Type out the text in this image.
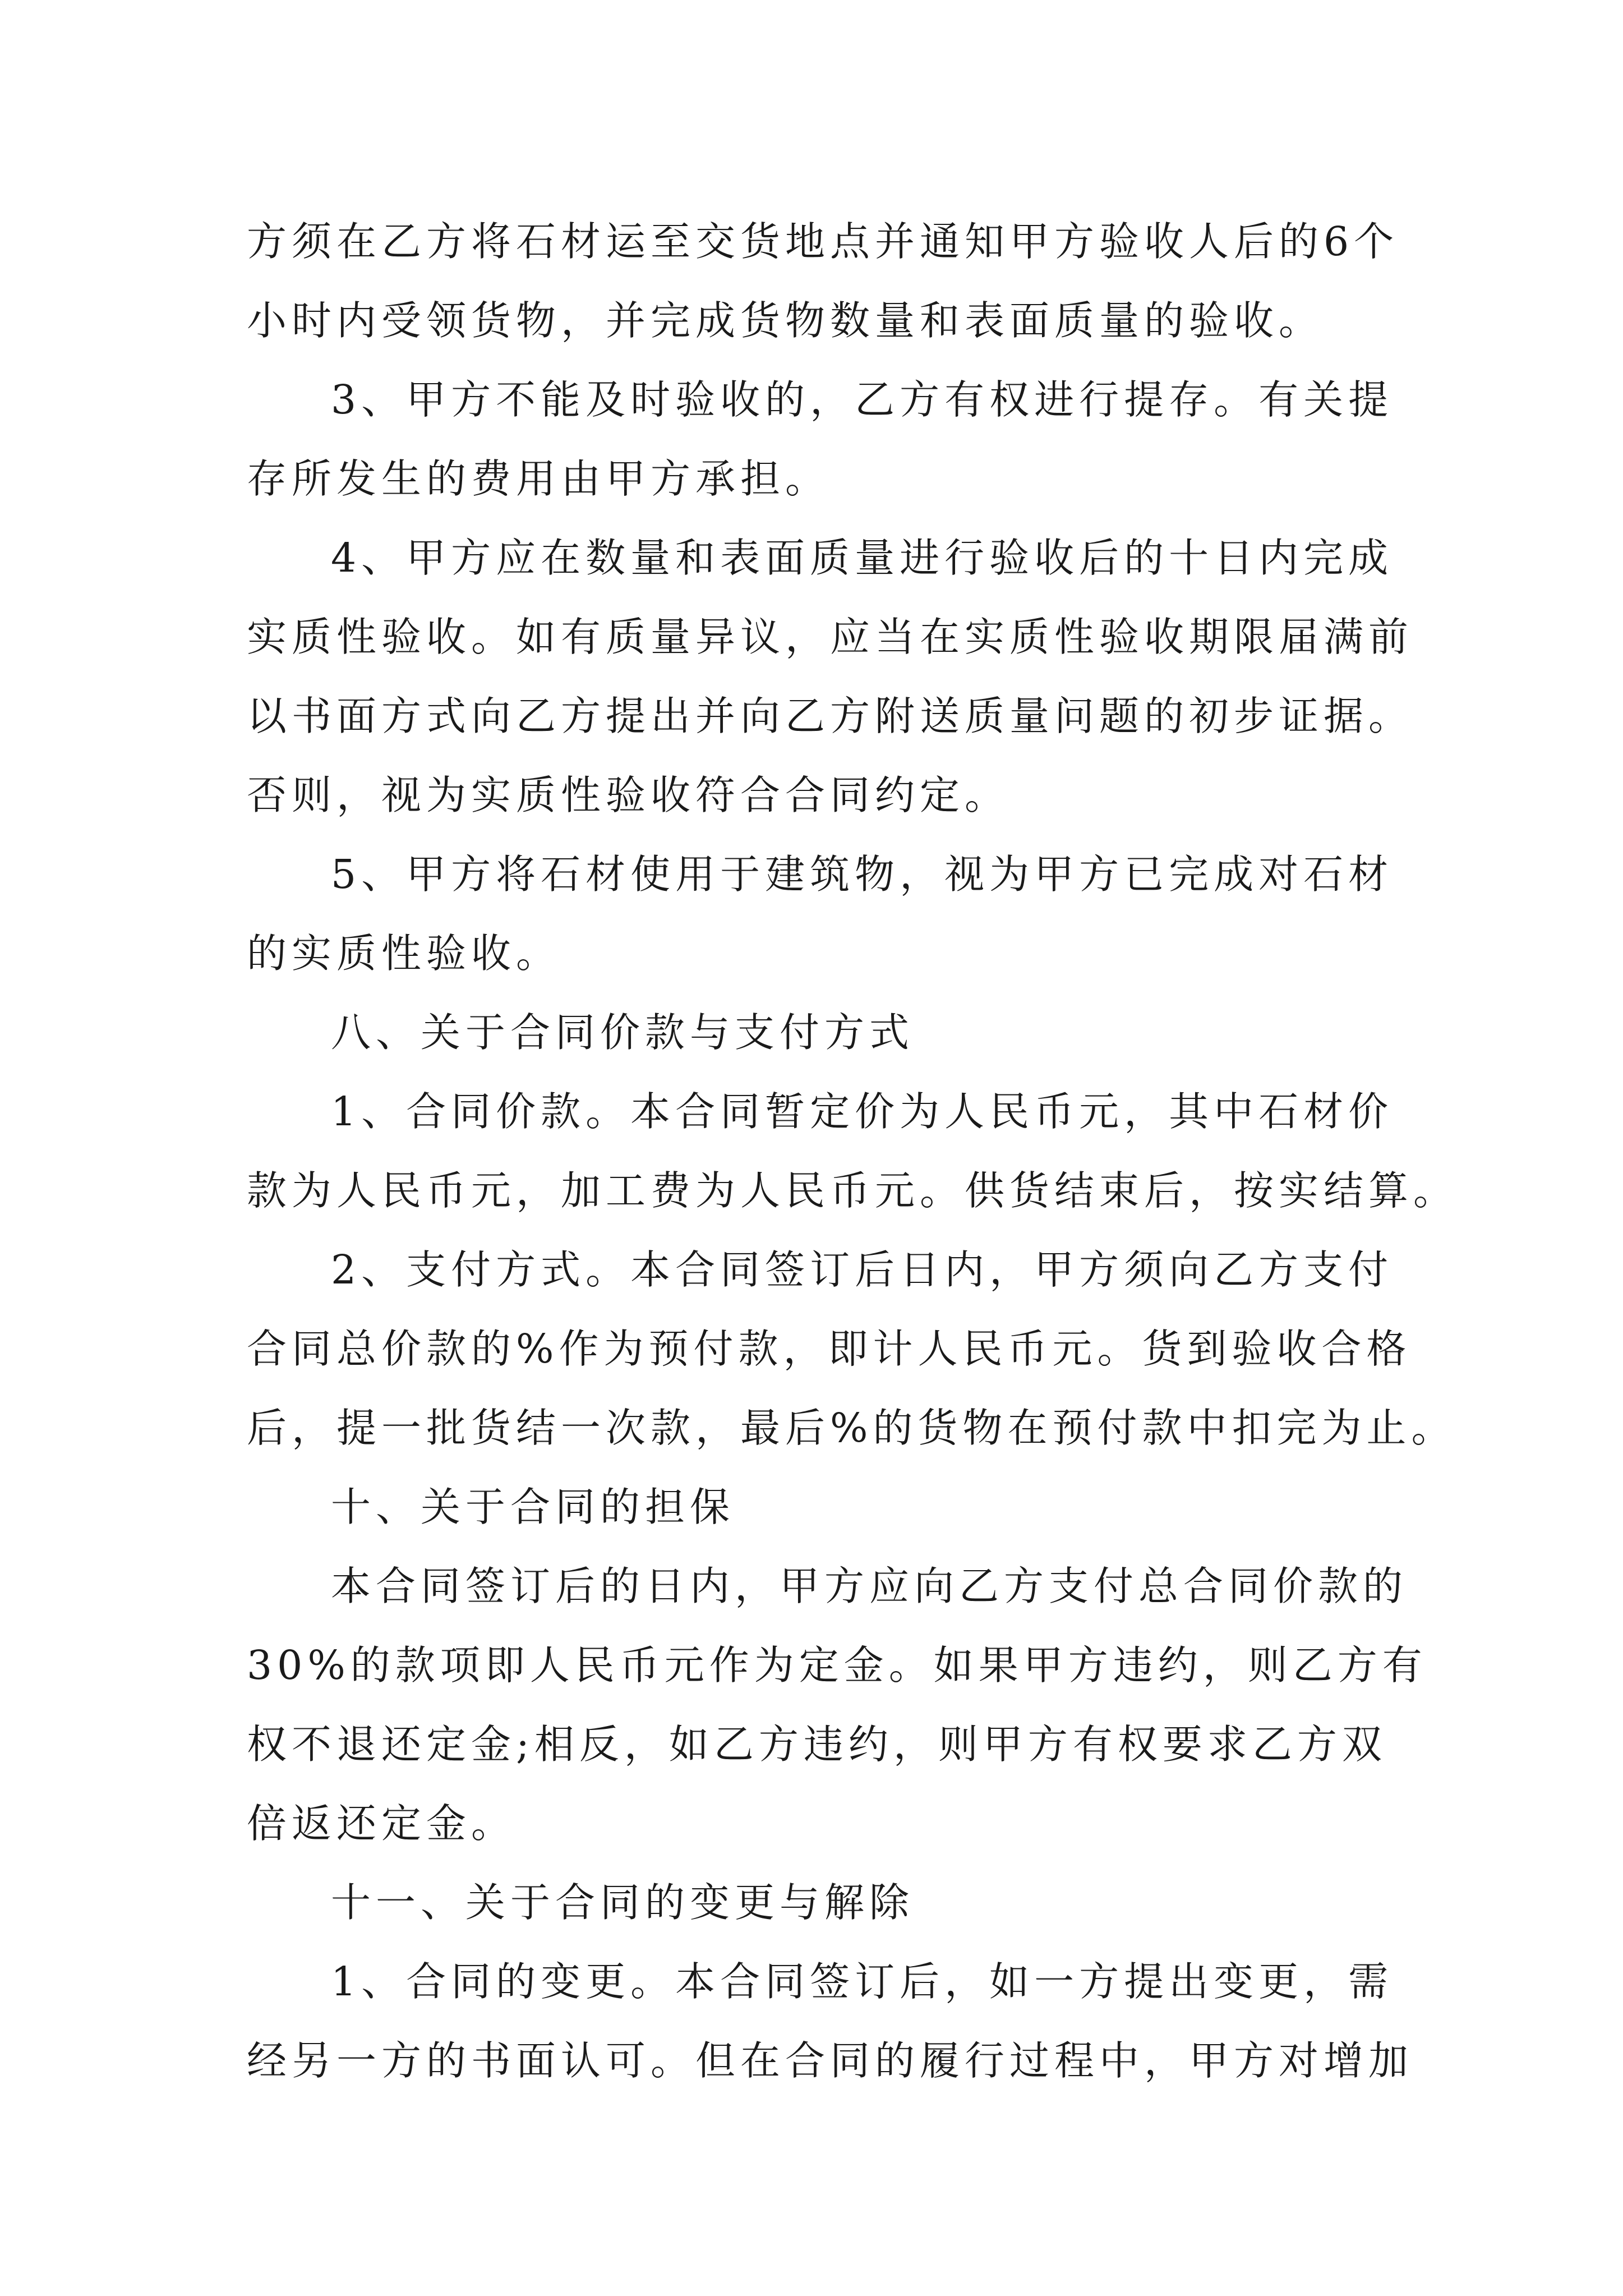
方须在乙方将石材运至交货地点并通知甲方验收人后的6个
小时内受领货物，并完成货物数量和表面质量的验收。
3、甲方不能及时验收的，乙方有权进行提存。有关提
存所发生的费用由甲方承担。
4、甲方应在数量和表面质量进行验收后的十日内完成
实质性验收。如有质量异议，应当在实质性验收期限届满前
以书面方式向乙方提出并向乙方附送质量问题的初步证据。
否则，视为实质性验收符合合同约定。
5、甲方将石材使用于建筑物，视为甲方已完成对石材
的实质性验收。
八、关于合同价款与支付方式
1、合同价款。本合同暂定价为人民币元，其中石材价
款为人民币元，加工费为人民币元。供货结束后，按实结算。
2、支付方式。本合同签订后日内，甲方须向乙方支付
合同总价款的%作为预付款，即计人民币元。货到验收合格
后，提一批货结一次款，最后%的货物在预付款中扣完为止。
十、关于合同的担保
本合同签订后的日内，甲方应向乙方支付总合同价款的
30%的款项即人民币元作为定金。如果甲方违约，则乙方有
权不退还定金;相反，如乙方违约，则甲方有权要求乙方双
倍返还定金。
十一、关于合同的变更与解除
1、合同的变更。本合同签订后，如一方提出变更，需
经另一方的书面认可。但在合同的履行过程中，甲方对增加
